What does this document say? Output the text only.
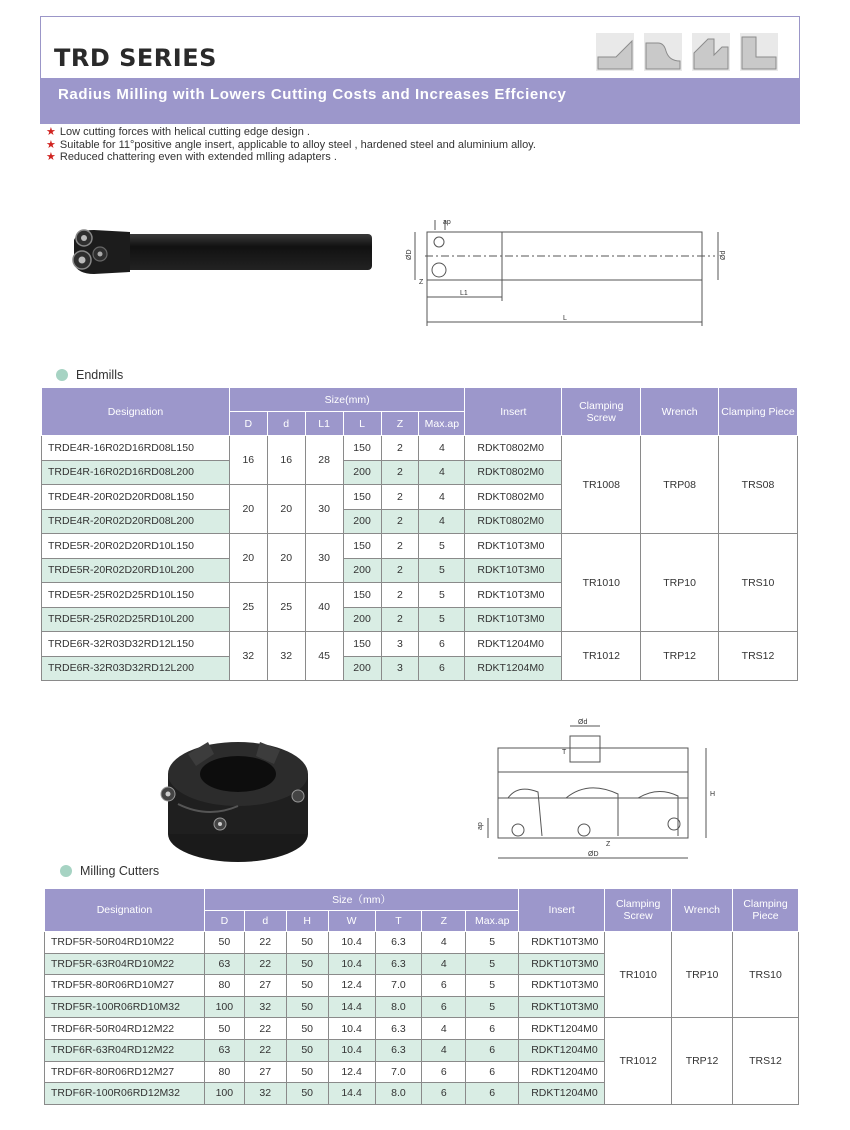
TRD SERIES
Radius Milling with Lowers Cutting Costs and Increases Effciency
★ Low cutting forces with helical cutting edge design .
★ Suitable for 11°positive angle insert, applicable to alloy steel , hardened steel and aluminium alloy.
★ Reduced chattering even with extended mlling adapters .
ap
ØD	Ød
L1
L
Z
Endmills
Designation	Size(mm)						Insert	Clamping Screw	Wrench	Clamping Piece
	D	d	L1	L	Z	Max.ap				
TRDE4R-16R02D16RD08L150	16	16	28	150	2	4	RDKT0802M0	TR1008	TRP08	TRS08
TRDE4R-16R02D16RD08L200				200	2	4	RDKT0802M0			
TRDE4R-20R02D20RD08L150	20	20	30	150	2	4	RDKT0802M0			
TRDE4R-20R02D20RD08L200				200	2	4	RDKT0802M0			
TRDE5R-20R02D20RD10L150	20	20	30	150	2	5	RDKT10T3M0	TR1010	TRP10	TRS10
TRDE5R-20R02D20RD10L200				200	2	5	RDKT10T3M0			
TRDE5R-25R02D25RD10L150	25	25	40	150	2	5	RDKT10T3M0			
TRDE5R-25R02D25RD10L200				200	2	5	RDKT10T3M0			
TRDE6R-32R03D32RD12L150	32	32	45	150	3	6	RDKT1204M0	TR1012	TRP12	TRS12
TRDE6R-32R03D32RD12L200				200	3	6	RDKT1204M0			
Ød
T
H
ØD
ap
Z
Milling Cutters
Designation	Size（mm）							Insert	Clamping Screw	Wrench	Clamping Piece
	D	d	H	W	T	Z	Max.ap				
TRDF5R-50R04RD10M22	50	22	50	10.4	6.3	4	5	RDKT10T3M0	TR1010	TRP10	TRS10
TRDF5R-63R04RD10M22	63	22	50	10.4	6.3	4	5	RDKT10T3M0			
TRDF5R-80R06RD10M27	80	27	50	12.4	7.0	6	5	RDKT10T3M0			
TRDF5R-100R06RD10M32	100	32	50	14.4	8.0	6	5	RDKT10T3M0			
TRDF6R-50R04RD12M22	50	22	50	10.4	6.3	4	6	RDKT1204M0	TR1012	TRP12	TRS12
TRDF6R-63R04RD12M22	63	22	50	10.4	6.3	4	6	RDKT1204M0			
TRDF6R-80R06RD12M27	80	27	50	12.4	7.0	6	6	RDKT1204M0			
TRDF6R-100R06RD12M32	100	32	50	14.4	8.0	6	6	RDKT1204M0			
